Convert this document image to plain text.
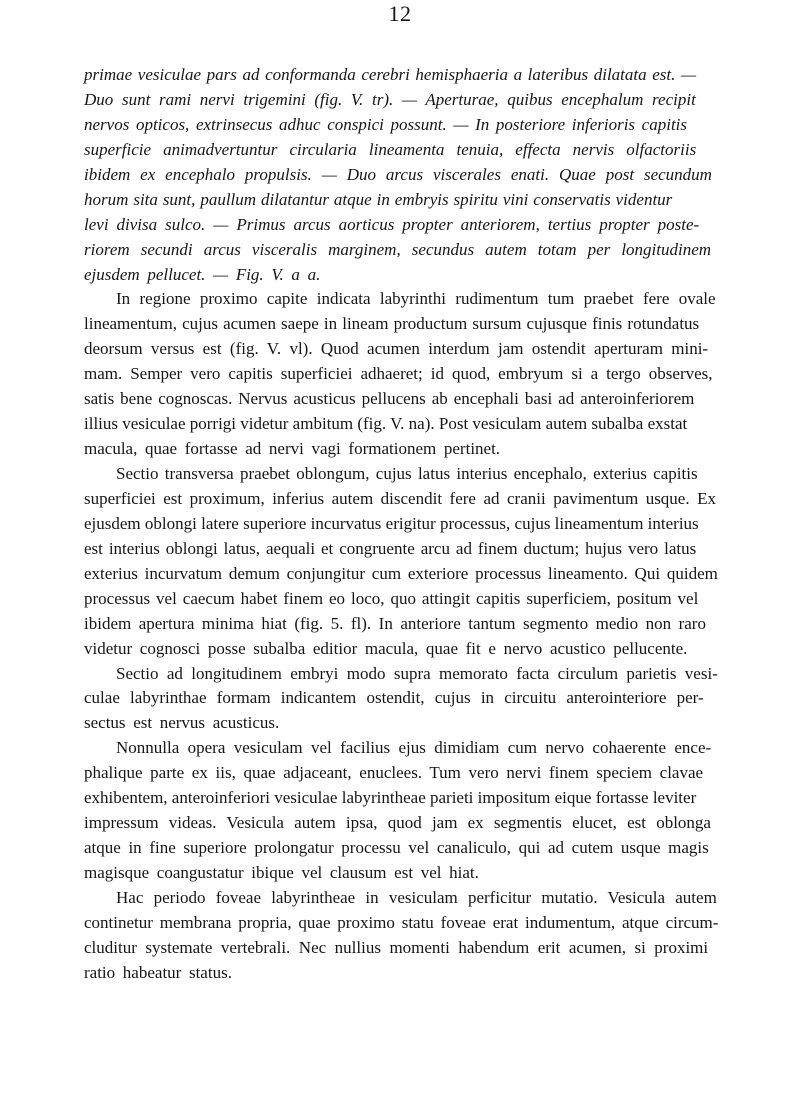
12
primae vesiculae pars ad conformanda cerebri hemisphaeria a lateribus dilatata est. —
Duo sunt rami nervi trigemini (fig. V. tr). — Aperturae, quibus encephalum recipit
nervos opticos, extrinsecus adhuc conspici possunt. — In posteriore inferioris capitis
superficie animadvertuntur circularia lineamenta tenuia, effecta nervis olfactoriis
ibidem ex encephalo propulsis. — Duo arcus viscerales enati. Quae post secundum
horum sita sunt, paullum dilatantur atque in embryis spiritu vini conservatis videntur
levi divisa sulco. — Primus arcus aorticus propter anteriorem, tertius propter poste-
riorem secundi arcus visceralis marginem, secundus autem totam per longitudinem
ejusdem pellucet. — Fig. V. a a.
In regione proximo capite indicata labyrinthi rudimentum tum praebet fere ovale
lineamentum, cujus acumen saepe in lineam productum sursum cujusque finis rotundatus
deorsum versus est (fig. V. vl). Quod acumen interdum jam ostendit aperturam mini-
mam. Semper vero capitis superficiei adhaeret; id quod, embryum si a tergo observes,
satis bene cognoscas. Nervus acusticus pellucens ab encephali basi ad anteroinferiorem
illius vesiculae porrigi videtur ambitum (fig. V. na). Post vesiculam autem subalba exstat
macula, quae fortasse ad nervi vagi formationem pertinet.
Sectio transversa praebet oblongum, cujus latus interius encephalo, exterius capitis
superficiei est proximum, inferius autem discendit fere ad cranii pavimentum usque. Ex
ejusdem oblongi latere superiore incurvatus erigitur processus, cujus lineamentum interius
est interius oblongi latus, aequali et congruente arcu ad finem ductum; hujus vero latus
exterius incurvatum demum conjungitur cum exteriore processus lineamento. Qui quidem
processus vel caecum habet finem eo loco, quo attingit capitis superficiem, positum vel
ibidem apertura minima hiat (fig. 5. fl). In anteriore tantum segmento medio non raro
videtur cognosci posse subalba editior macula, quae fit e nervo acustico pellucente.
Sectio ad longitudinem embryi modo supra memorato facta circulum parietis vesi-
culae labyrinthae formam indicantem ostendit, cujus in circuitu anterointeriore per-
sectus est nervus acusticus.
Nonnulla opera vesiculam vel facilius ejus dimidiam cum nervo cohaerente ence-
phalique parte ex iis, quae adjaceant, enuclees. Tum vero nervi finem speciem clavae
exhibentem, anteroinferiori vesiculae labyrintheae parieti impositum eique fortasse leviter
impressum videas. Vesicula autem ipsa, quod jam ex segmentis elucet, est oblonga
atque in fine superiore prolongatur processu vel canaliculo, qui ad cutem usque magis
magisque coangustatur ibique vel clausum est vel hiat.
Hac periodo foveae labyrintheae in vesiculam perficitur mutatio. Vesicula autem
continetur membrana propria, quae proximo statu foveae erat indumentum, atque circum-
cluditur systemate vertebrali. Nec nullius momenti habendum erit acumen, si proximi
ratio habeatur status.
